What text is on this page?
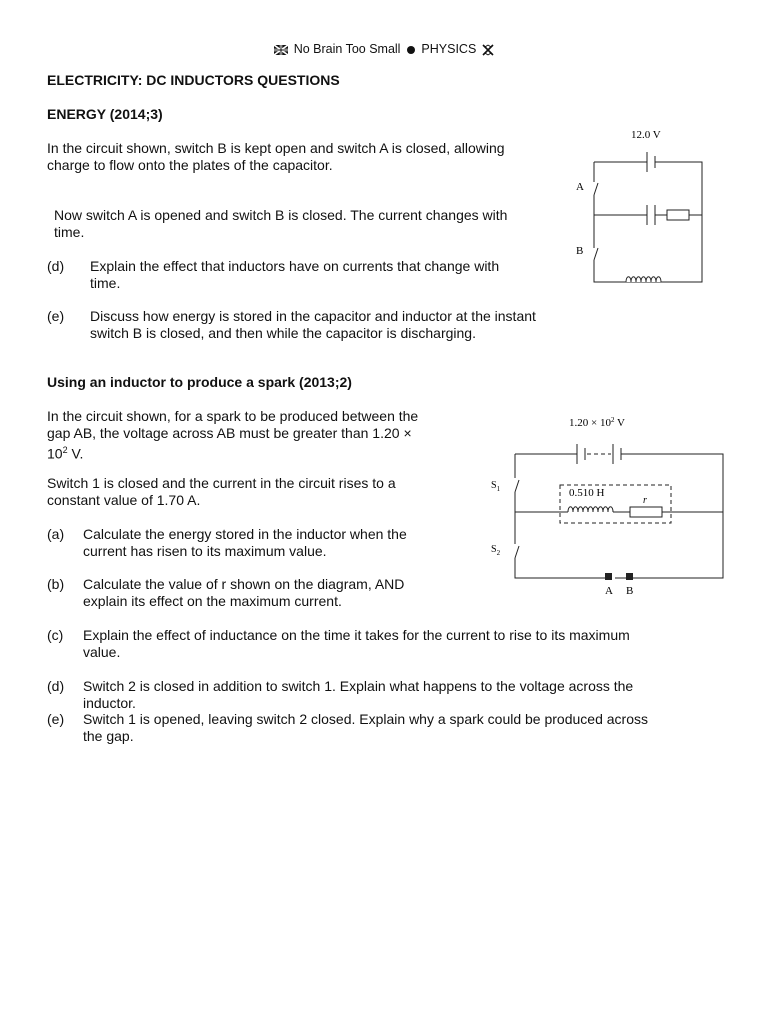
No Brain Too Small PHYSICS
ELECTRICITY: DC INDUCTORS QUESTIONS
ENERGY (2014;3)
In the circuit shown, switch B is kept open and switch A is closed, allowing
charge to flow onto the plates of the capacitor.
Now switch A is opened and switch B is closed. The current changes with
time.
(d) Explain the effect that inductors have on currents that change with
time.
(e) Discuss how energy is stored in the capacitor and inductor at the instant
switch B is closed, and then while the capacitor is discharging.
12.0 V
A
B
Using an inductor to produce a spark (2013;2)
In the circuit shown, for a spark to be produced between the
gap AB, the voltage across AB must be greater than 1.20 ×
$10^2$ V.
Switch 1 is closed and the current in the circuit rises to a
constant value of 1.70 A.
(a) Calculate the energy stored in the inductor when the
current has risen to its maximum value.
(b) Calculate the value of r shown on the diagram, AND
explain its effect on the maximum current.
(c) Explain the effect of inductance on the time it takes for the current to rise to its maximum
value.
(d) Switch 2 is closed in addition to switch 1. Explain what happens to the voltage across the
inductor.
(e) Switch 1 is opened, leaving switch 2 closed. Explain why a spark could be produced across
the gap.
$1.20 \times 10^2$ V
0.510 H
r
$S_1$
$S_2$
A B
